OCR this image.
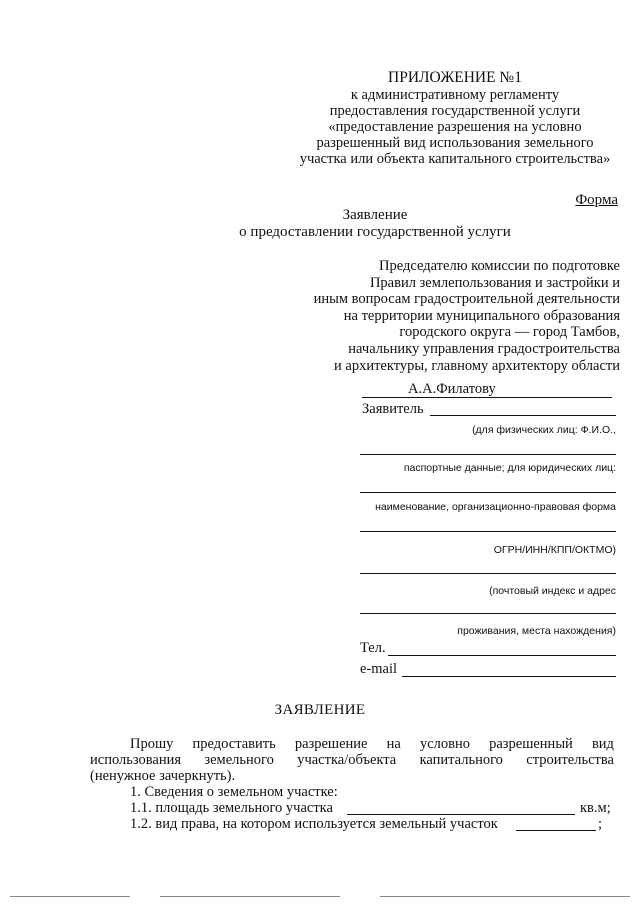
ПРИЛОЖЕНИЕ №1
к административному регламенту
предоставления государственной услуги
«предоставление разрешения на условно
разрешенный вид использования земельного
участка или объекта капитального строительства»
Форма
Заявление
о предоставлении государственной услуги
Председателю комиссии по подготовке
Правил землепользования и застройки и
иным вопросам градостроительной деятельности
на территории муниципального образования
городского округа — город Тамбов,
начальнику управления градостроительства
и архитектуры, главному архитектору области
А.А.Филатову
Заявитель
(для физических лиц: Ф.И.О.,
паспортные данные; для юридических лиц:
наименование, организационно-правовая форма
ОГРН/ИНН/КПП/ОКТМО)
(почтовый индекс и адрес
проживания, места нахождения)
Тел.
e-mail
ЗАЯВЛЕНИЕ
Прошу предоставить разрешение на условно разрешенный вид
использования земельного участка/объекта капитального строительства
(ненужное зачеркнуть).
1. Сведения о земельном участке:
1.1. площадь земельного участка	кв.м;
1.2. вид права, на котором используется земельный участок	;
